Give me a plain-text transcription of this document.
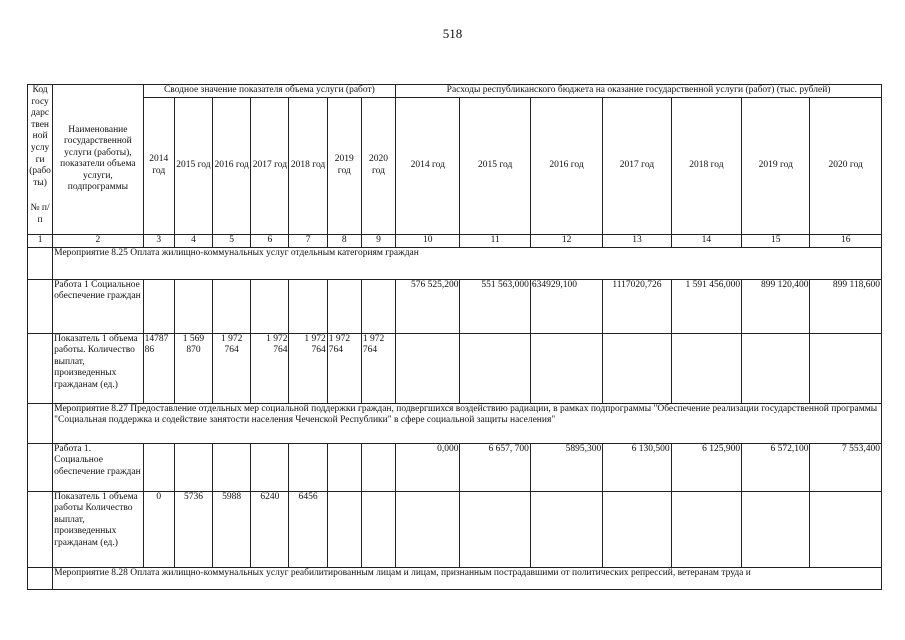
518
Код госу дарс твен ной услу ги (рабо ты)
№ п/п	Наименование государственной услуги (работы), показатели объема услуги, подпрограммы	Сводное значение показателя объема услуги (работ)							Расходы республиканского бюджета на оказание государственной услуги (работ) (тыс. рублей)						
		2014 год	2015 год	2016 год	2017 год	2018 год	2019 год	2020 год	2014 год	2015 год	2016 год	2017 год	2018 год	2019 год	2020 год
1	2	3	4	5	6	7	8	9	10	11	12	13	14	15	16
	Мероприятие 8.25 Оплата жилищно-коммунальных услуг отдельным категориям граждан														
	Работа 1 Социальное обеспечение граждан								576 525,200	551 563,000	634929,100	1117020,726	1 591 456,000	899 120,400	899 118,600
	Показатель 1 объема работы. Количество выплат, произведенных гражданам (ед.)	1478786	1 569 870	1 972 764	1 972 764	1 972 764	1 972 764	1 972 764							
	Мероприятие 8.27 Предоставление отдельных мер социальной поддержки граждан, подвергшихся воздействию радиации, в рамках подпрограммы "Обеспечение реализации государственной программы "Социальная поддержка и содействие занятости населения Чеченской Республики" в сфере социальной защиты населения"														
	Работа 1. Социальное обеспечение граждан								0,000	6 657, 700	5895,300	6 130,500	6 125,900	6 572,100	7 553,400
	Показатель 1 объема работы Количество выплат, произведенных гражданам (ед.)	0	5736	5988	6240	6456									
	Мероприятие 8.28 Оплата жилищно-коммунальных услуг реабилитированным лицам и лицам, признанным пострадавшими от политических репрессий, ветеранам труда и														
